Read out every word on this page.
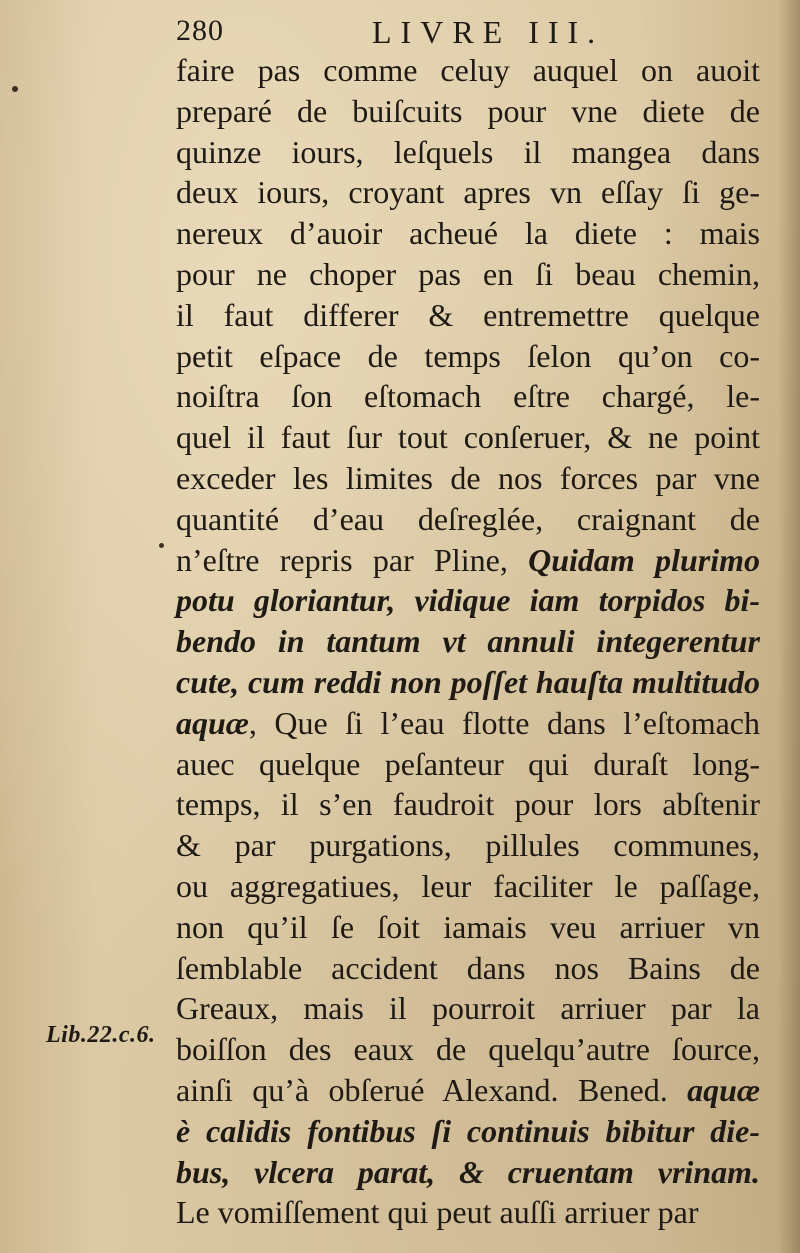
280	LIVRE III.
Lib.22.c.6.
faire pas comme celuy auquel on auoit
preparé de buiſcuits pour vne diete de
quinze iours, leſquels il mangea dans
deux iours, croyant apres vn eſſay ſi ge-
nereux d’auoir acheué la diete : mais
pour ne choper pas en ſi beau chemin,
il faut differer & entremettre quelque
petit eſpace de temps ſelon qu’on co-
noiſtra ſon eſtomach eſtre chargé, le-
quel il faut ſur tout conſeruer, & ne point
exceder les limites de nos forces par vne
quantité d’eau deſreglée, craignant de
n’eſtre repris par Pline, Quidam plurimo
potu gloriantur, vidique iam torpidos bi-
bendo in tantum vt annuli integerentur
cute, cum reddi non poſſet hauſta multitudo
aquæ, Que ſi l’eau flotte dans l’eſtomach
auec quelque peſanteur qui duraſt long-
temps, il s’en faudroit pour lors abſtenir
& par purgations, pillules communes,
ou aggregatiues, leur faciliter le paſſage,
non qu’il ſe ſoit iamais veu arriuer vn
ſemblable accident dans nos Bains de
Greaux, mais il pourroit arriuer par la
boiſſon des eaux de quelqu’autre ſource,
ainſi qu’à obſerué Alexand. Bened. aquæ
è calidis fontibus ſi continuis bibitur die-
bus, vlcera parat, & cruentam vrinam.
Le vomiſſement qui peut auſſi arriuer par
